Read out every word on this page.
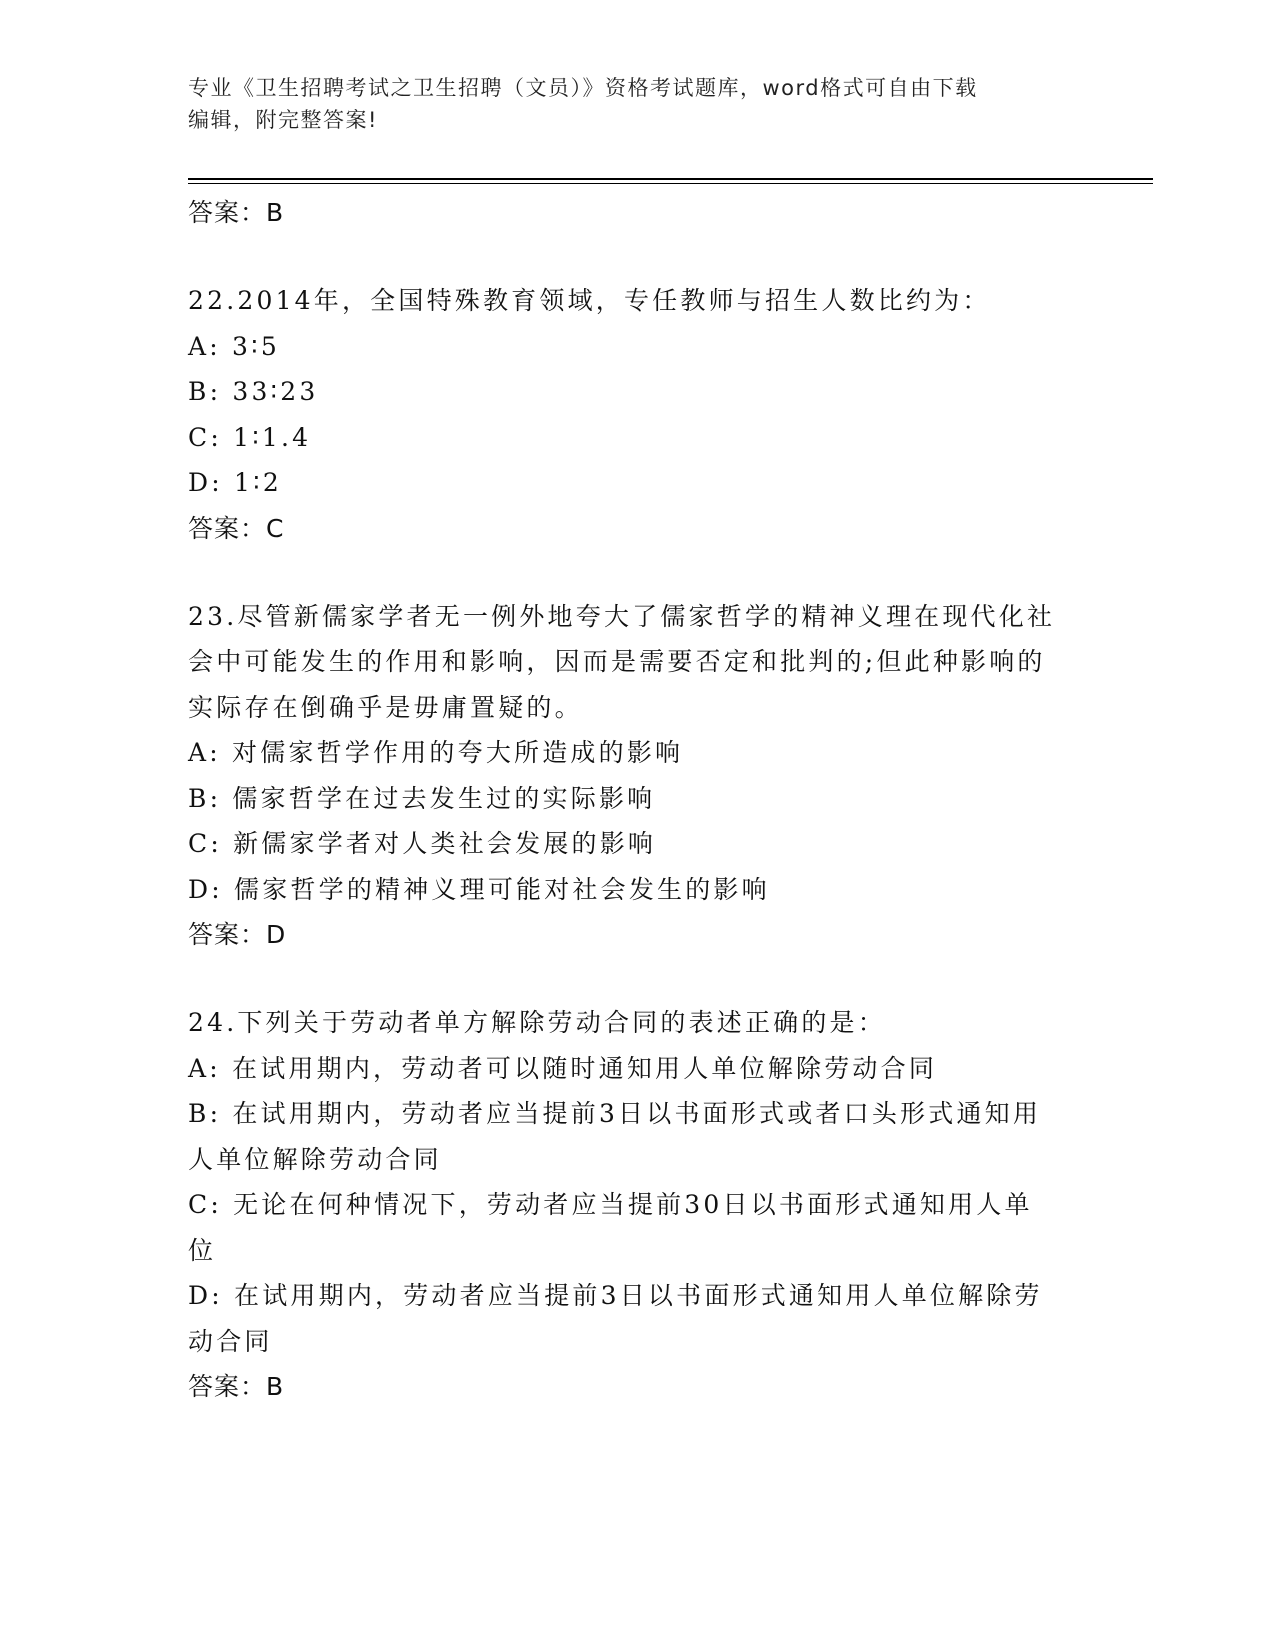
专业《卫生招聘考试之卫生招聘（文员）》资格考试题库，word格式可自由下载
编辑，附完整答案!
答案：B
22.2014年，全国特殊教育领域，专任教师与招生人数比约为：
A: 3∶5
B: 33∶23
C: 1∶1.4
D: 1∶2
答案：C
23.尽管新儒家学者无一例外地夸大了儒家哲学的精神义理在现代化社
会中可能发生的作用和影响，因而是需要否定和批判的;但此种影响的
实际存在倒确乎是毋庸置疑的。
A: 对儒家哲学作用的夸大所造成的影响
B: 儒家哲学在过去发生过的实际影响
C: 新儒家学者对人类社会发展的影响
D: 儒家哲学的精神义理可能对社会发生的影响
答案：D
24.下列关于劳动者单方解除劳动合同的表述正确的是：
A: 在试用期内，劳动者可以随时通知用人单位解除劳动合同
B: 在试用期内，劳动者应当提前3日以书面形式或者口头形式通知用
人单位解除劳动合同
C: 无论在何种情况下，劳动者应当提前30日以书面形式通知用人单
位
D: 在试用期内，劳动者应当提前3日以书面形式通知用人单位解除劳
动合同
答案：B
